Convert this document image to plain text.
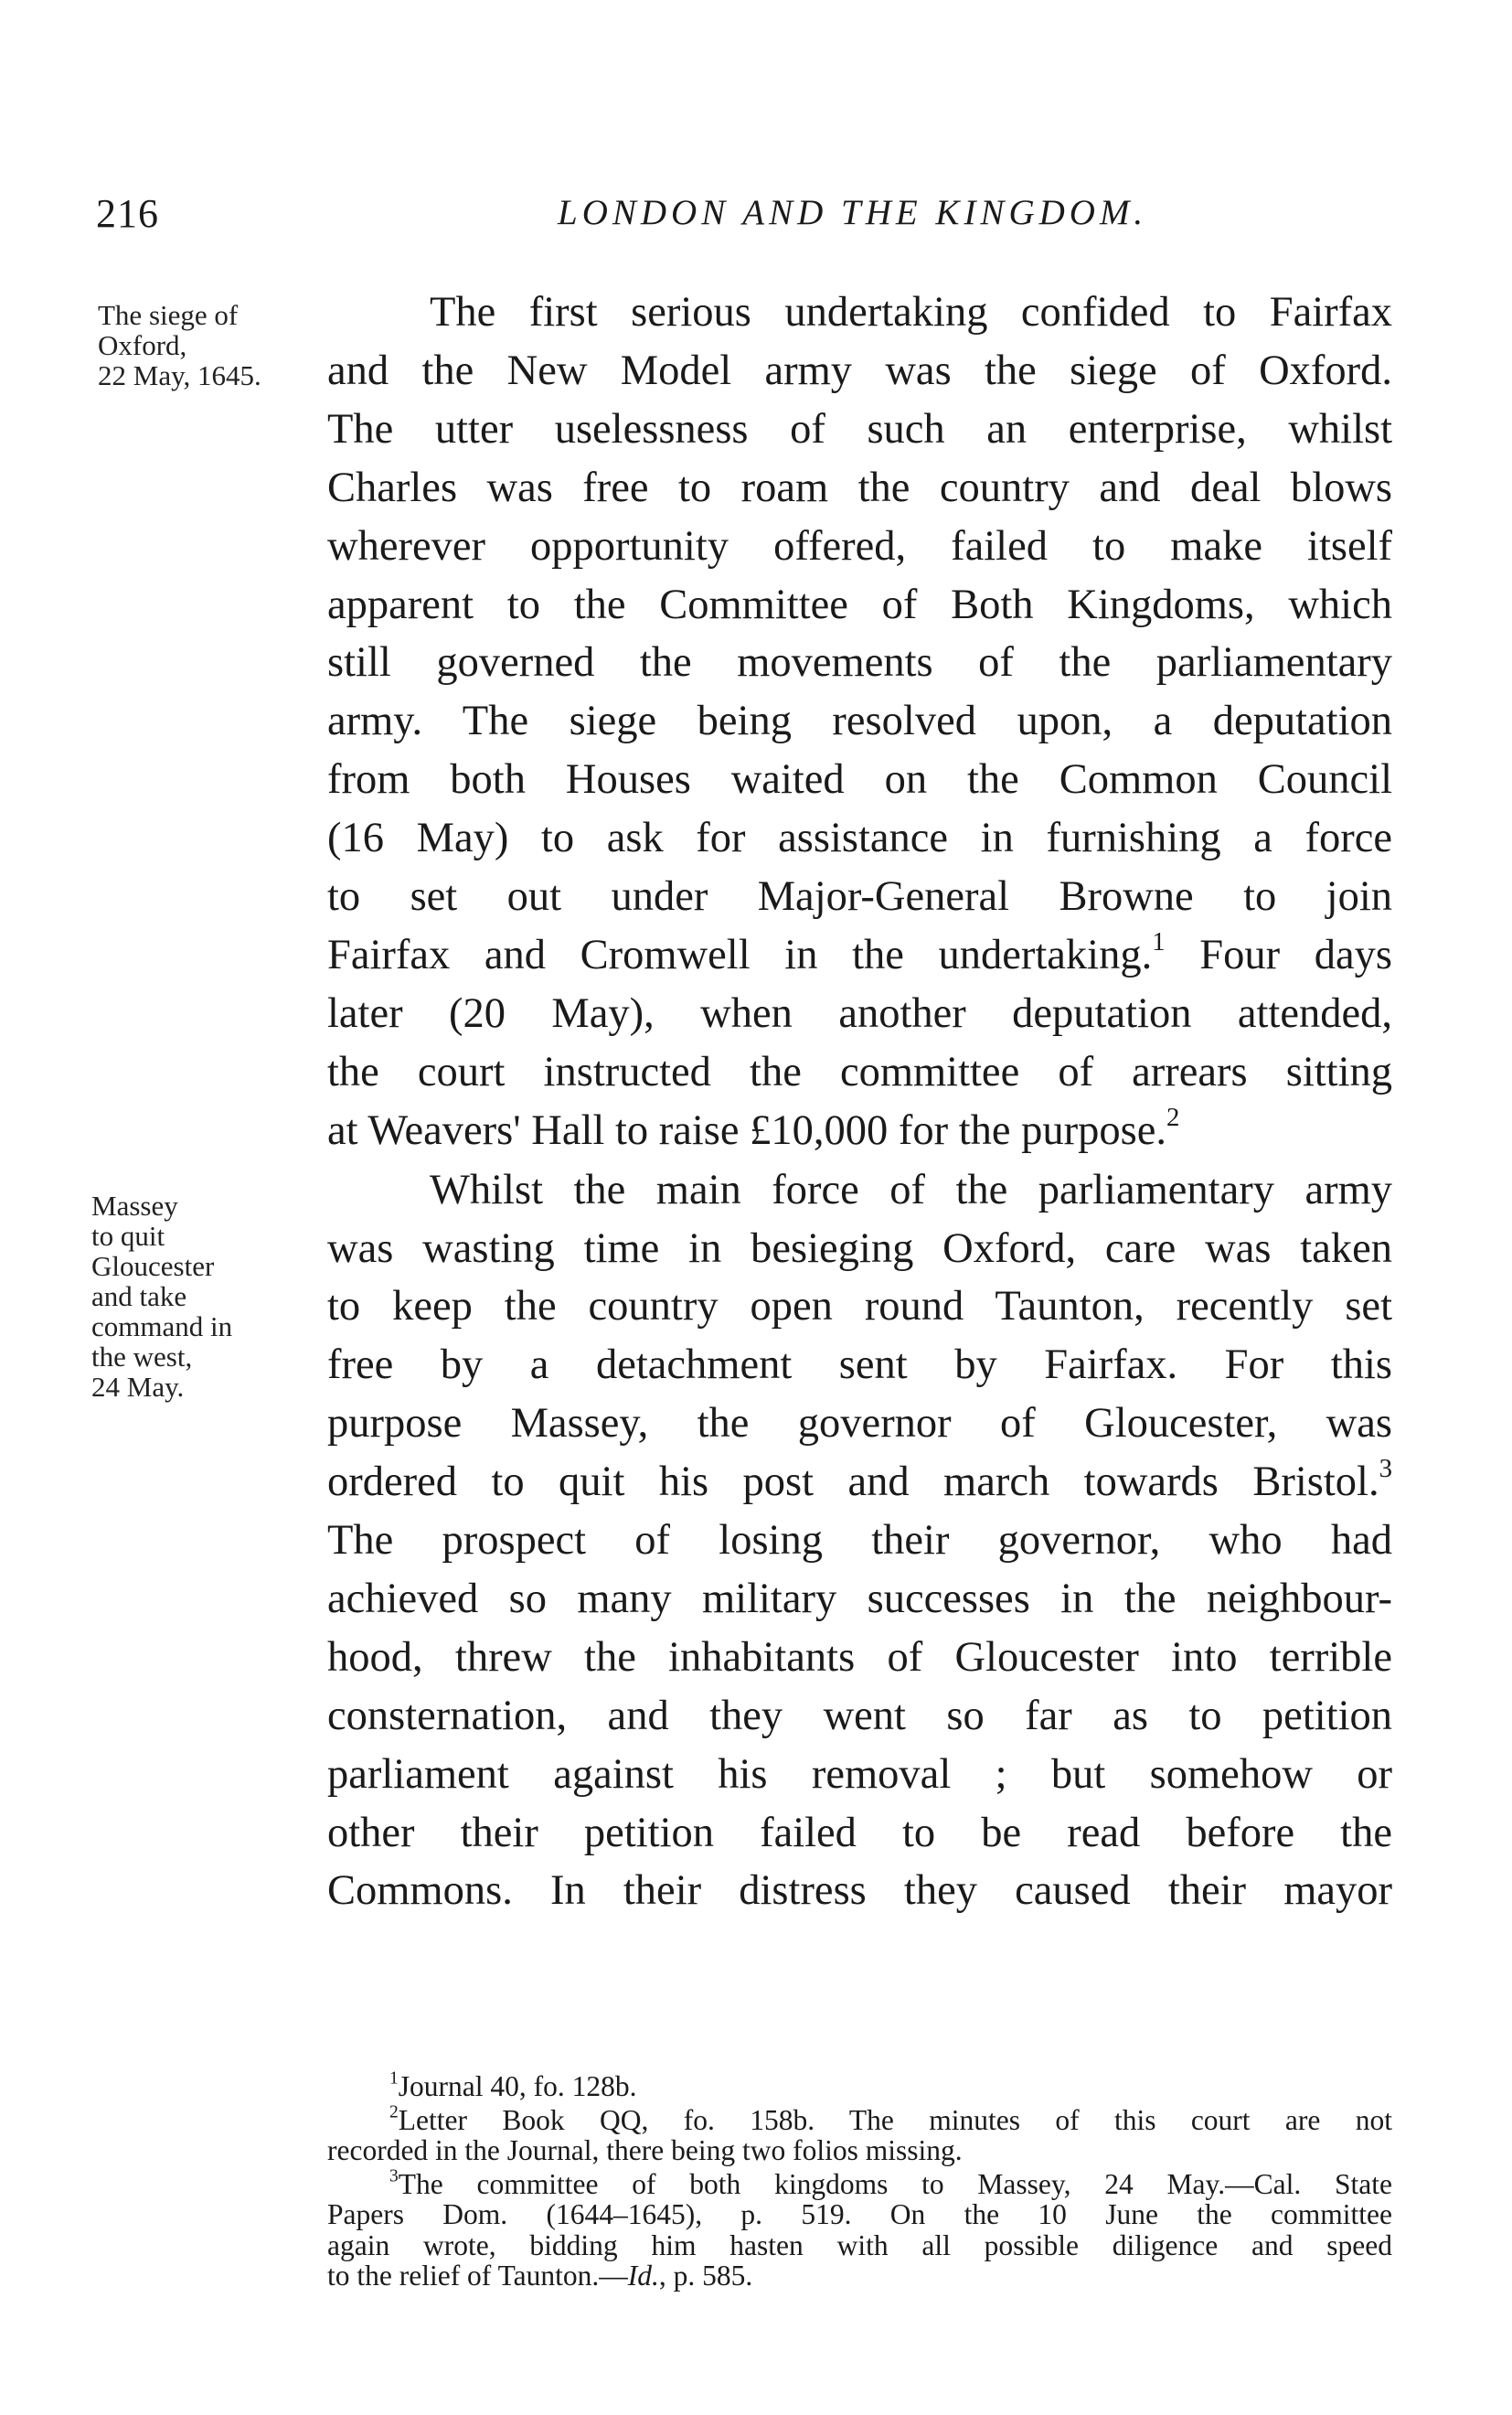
216	LONDON AND THE KINGDOM.
The siege of
Oxford,
22 May, 1645.
Massey
to quit
Gloucester
and take
command in
the west,
24 May.

The first serious undertaking confided to Fairfax
and the New Model army was the siege of Oxford.
The utter uselessness of such an enterprise, whilst
Charles was free to roam the country and deal blows
wherever opportunity offered, failed to make itself
apparent to the Committee of Both Kingdoms, which
still governed the movements of the parliamentary
army. The siege being resolved upon, a deputation
from both Houses waited on the Common Council
(16 May) to ask for assistance in furnishing a force
to set out under Major-General Browne to join
Fairfax and Cromwell in the undertaking.$^1$ Four days
later (20 May), when another deputation attended,
the court instructed the committee of arrears sitting
at Weavers' Hall to raise £10,000 for the purpose.$^2$

Whilst the main force of the parliamentary army
was wasting time in besieging Oxford, care was taken
to keep the country open round Taunton, recently set
free by a detachment sent by Fairfax. For this
purpose Massey, the governor of Gloucester, was
ordered to quit his post and march towards Bristol.$^3$
The prospect of losing their governor, who had
achieved so many military successes in the neighbour-
hood, threw the inhabitants of Gloucester into terrible
consternation, and they went so far as to petition
parliament against his removal ; but somehow or
other their petition failed to be read before the
Commons. In their distress they caused their mayor

$^1$Journal 40, fo. 128b.
$^2$Letter Book QQ, fo. 158b. The minutes of this court are not
recorded in the Journal, there being two folios missing.
$^3$The committee of both kingdoms to Massey, 24 May.—Cal. State
Papers Dom. (1644–1645), p. 519. On the 10 June the committee
again wrote, bidding him hasten with all possible diligence and speed
to the relief of Taunton.—Id., p. 585.
